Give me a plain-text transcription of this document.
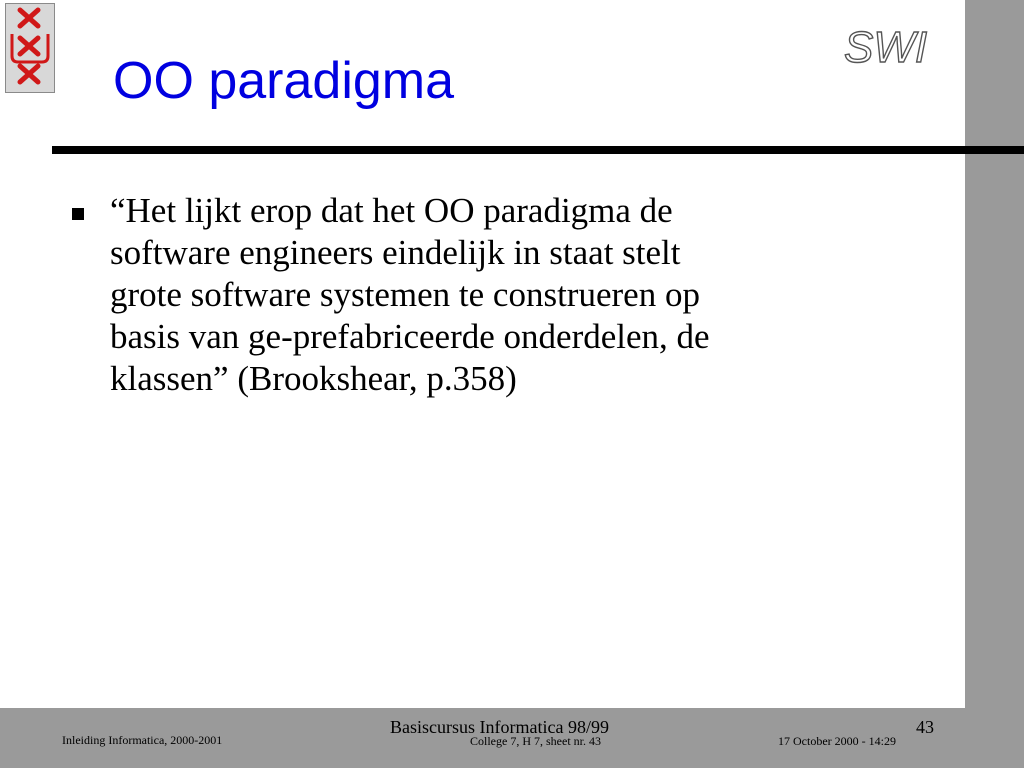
SWI
OO paradigma

“Het lijkt erop dat het OO paradigma de
software engineers eindelijk in staat stelt
grote software systemen te construeren op
basis van ge-prefabriceerde onderdelen, de
klassen” (Brookshear, p.358)

Inleiding Informatica, 2000-2001
Basiscursus Informatica 98/99
College 7, H 7, sheet nr. 43
43
17 October 2000 - 14:29
